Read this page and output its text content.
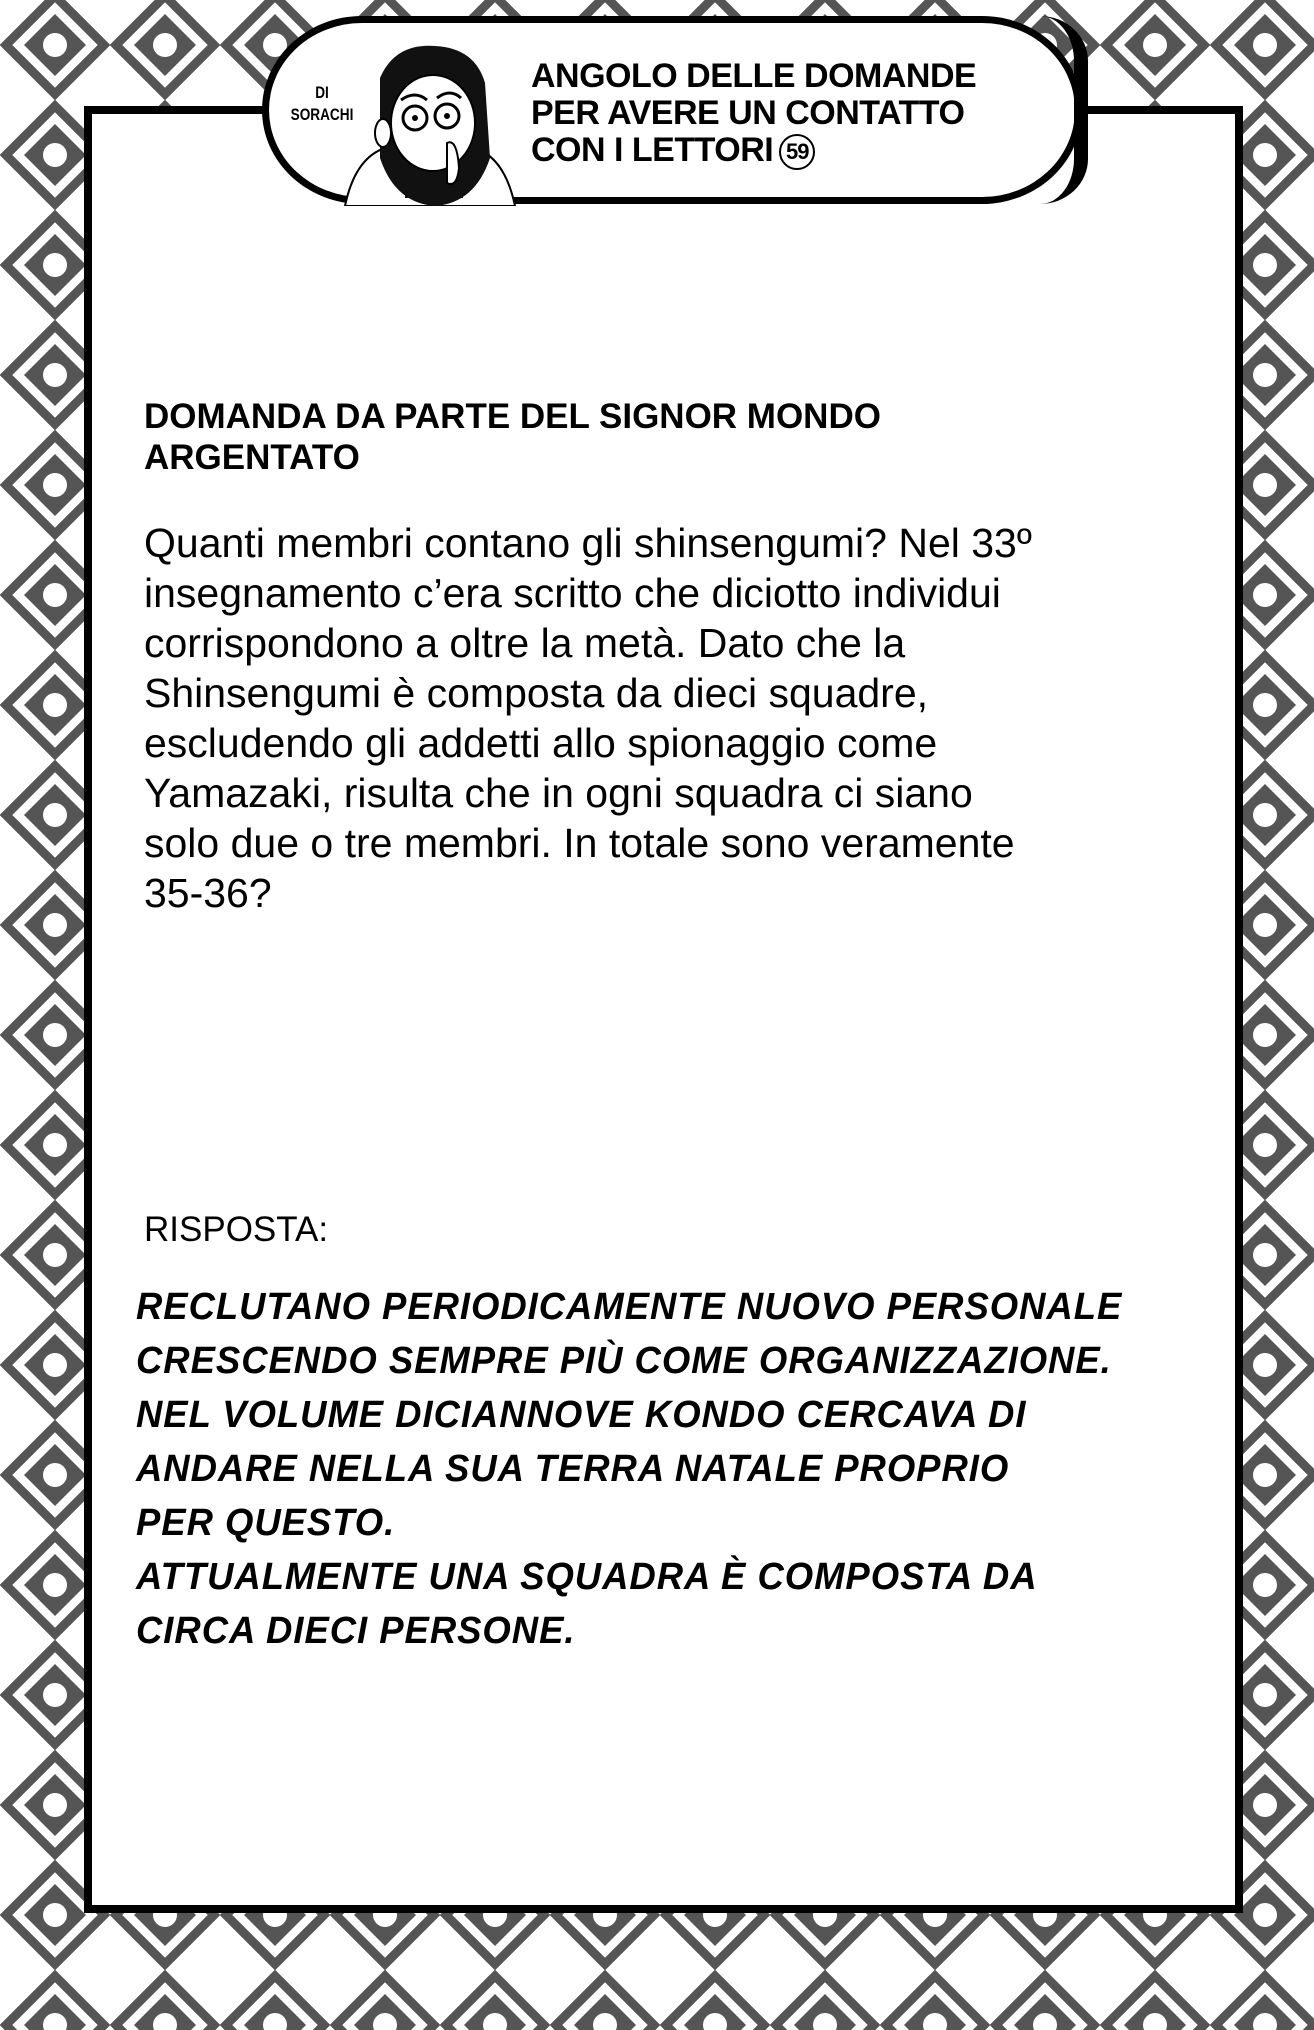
DI
SORACHI
ANGOLO DELLE DOMANDE
PER AVERE UN CONTATTO
CON I LETTORI 59
DOMANDA DA PARTE DEL SIGNOR MONDO
ARGENTATO
Quanti membri contano gli shinsengumi? Nel 33º
insegnamento c’era scritto che diciotto individui
corrispondono a oltre la metà. Dato che la
Shinsengumi è composta da dieci squadre,
escludendo gli addetti allo spionaggio come
Yamazaki, risulta che in ogni squadra ci siano
solo due o tre membri. In totale sono veramente
35-36?
RISPOSTA:
RECLUTANO PERIODICAMENTE NUOVO PERSONALE
CRESCENDO SEMPRE PIÙ COME ORGANIZZAZIONE.
NEL VOLUME DICIANNOVE KONDO CERCAVA DI
ANDARE NELLA SUA TERRA NATALE PROPRIO
PER QUESTO.
ATTUALMENTE UNA SQUADRA È COMPOSTA DA
CIRCA DIECI PERSONE.
